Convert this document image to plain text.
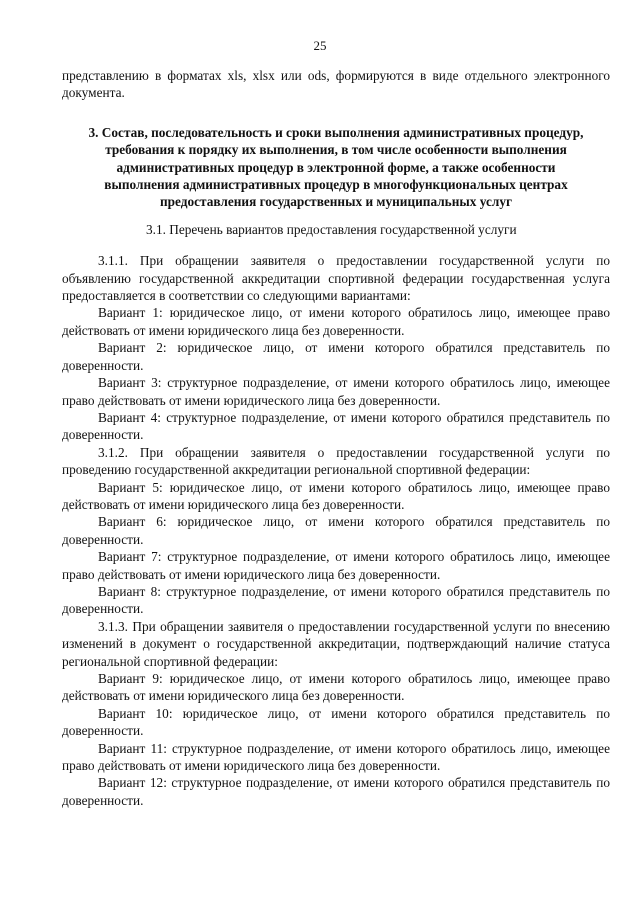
25

представлению в форматах xls, xlsx или ods, формируются в виде отдельного электронного документа.

3. Состав, последовательность и сроки выполнения административных процедур, требования к порядку их выполнения, в том числе особенности выполнения административных процедур в электронной форме, а также особенности выполнения административных процедур в многофункциональных центрах предоставления государственных и муниципальных услуг

3.1. Перечень вариантов предоставления государственной услуги

3.1.1. При обращении заявителя о предоставлении государственной услуги по объявлению государственной аккредитации спортивной федерации государственная услуга предоставляется в соответствии со следующими вариантами:

Вариант 1: юридическое лицо, от имени которого обратилось лицо, имеющее право действовать от имени юридического лица без доверенности.

Вариант 2: юридическое лицо, от имени которого обратился представитель по доверенности.

Вариант 3: структурное подразделение, от имени которого обратилось лицо, имеющее право действовать от имени юридического лица без доверенности.

Вариант 4: структурное подразделение, от имени которого обратился представитель по доверенности.

3.1.2. При обращении заявителя о предоставлении государственной услуги по проведению государственной аккредитации региональной спортивной федерации:

Вариант 5: юридическое лицо, от имени которого обратилось лицо, имеющее право действовать от имени юридического лица без доверенности.

Вариант 6: юридическое лицо, от имени которого обратился представитель по доверенности.

Вариант 7: структурное подразделение, от имени которого обратилось лицо, имеющее право действовать от имени юридического лица без доверенности.

Вариант 8: структурное подразделение, от имени которого обратился представитель по доверенности.

3.1.3. При обращении заявителя о предоставлении государственной услуги по внесению изменений в документ о государственной аккредитации, подтверждающий наличие статуса региональной спортивной федерации:

Вариант 9: юридическое лицо, от имени которого обратилось лицо, имеющее право действовать от имени юридического лица без доверенности.

Вариант 10: юридическое лицо, от имени которого обратился представитель по доверенности.

Вариант 11: структурное подразделение, от имени которого обратилось лицо, имеющее право действовать от имени юридического лица без доверенности.

Вариант 12: структурное подразделение, от имени которого обратился представитель по доверенности.
